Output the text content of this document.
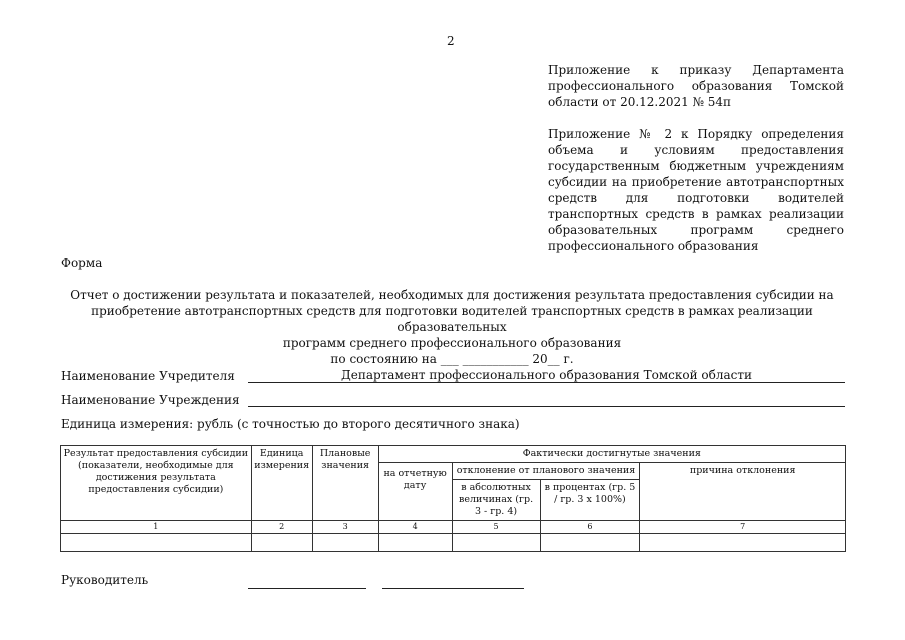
2

Приложение к приказу Департамента профессионального образования Томской области от 20.12.2021 № 54п

Приложение № 2 к Порядку определения объема и условиям предоставления государственным бюджетным учреждениям субсидии на приобретение автотранспортных средств для подготовки водителей транспортных средств в рамках реализации образовательных программ среднего профессионального образования

Форма
Отчет о достижении результата и показателей, необходимых для достижения результата предоставления субсидии на
приобретение автотранспортных средств для подготовки водителей транспортных средств в рамках реализации образовательных
программ среднего профессионального образования
по состоянию на ___ ___________ 20__ г.
Наименование Учредителя	Департамент профессионального образования Томской области
Наименование Учреждения
Единица измерения: рубль (с точностью до второго десятичного знака)
Результат предоставления субсидии (показатели, необходимые для достижения результата предоставления субсидии)	Единица измерения	Плановые значения	Фактически достигнутые значения			
			на отчетную дату	отклонение от планового значения		причина отклонения
				в абсолютных величинах (гр. 3 - гр. 4)	в процентах (гр. 5 / гр. 3 x 100%)	
1	2	3	4	5	6	7

Руководитель
